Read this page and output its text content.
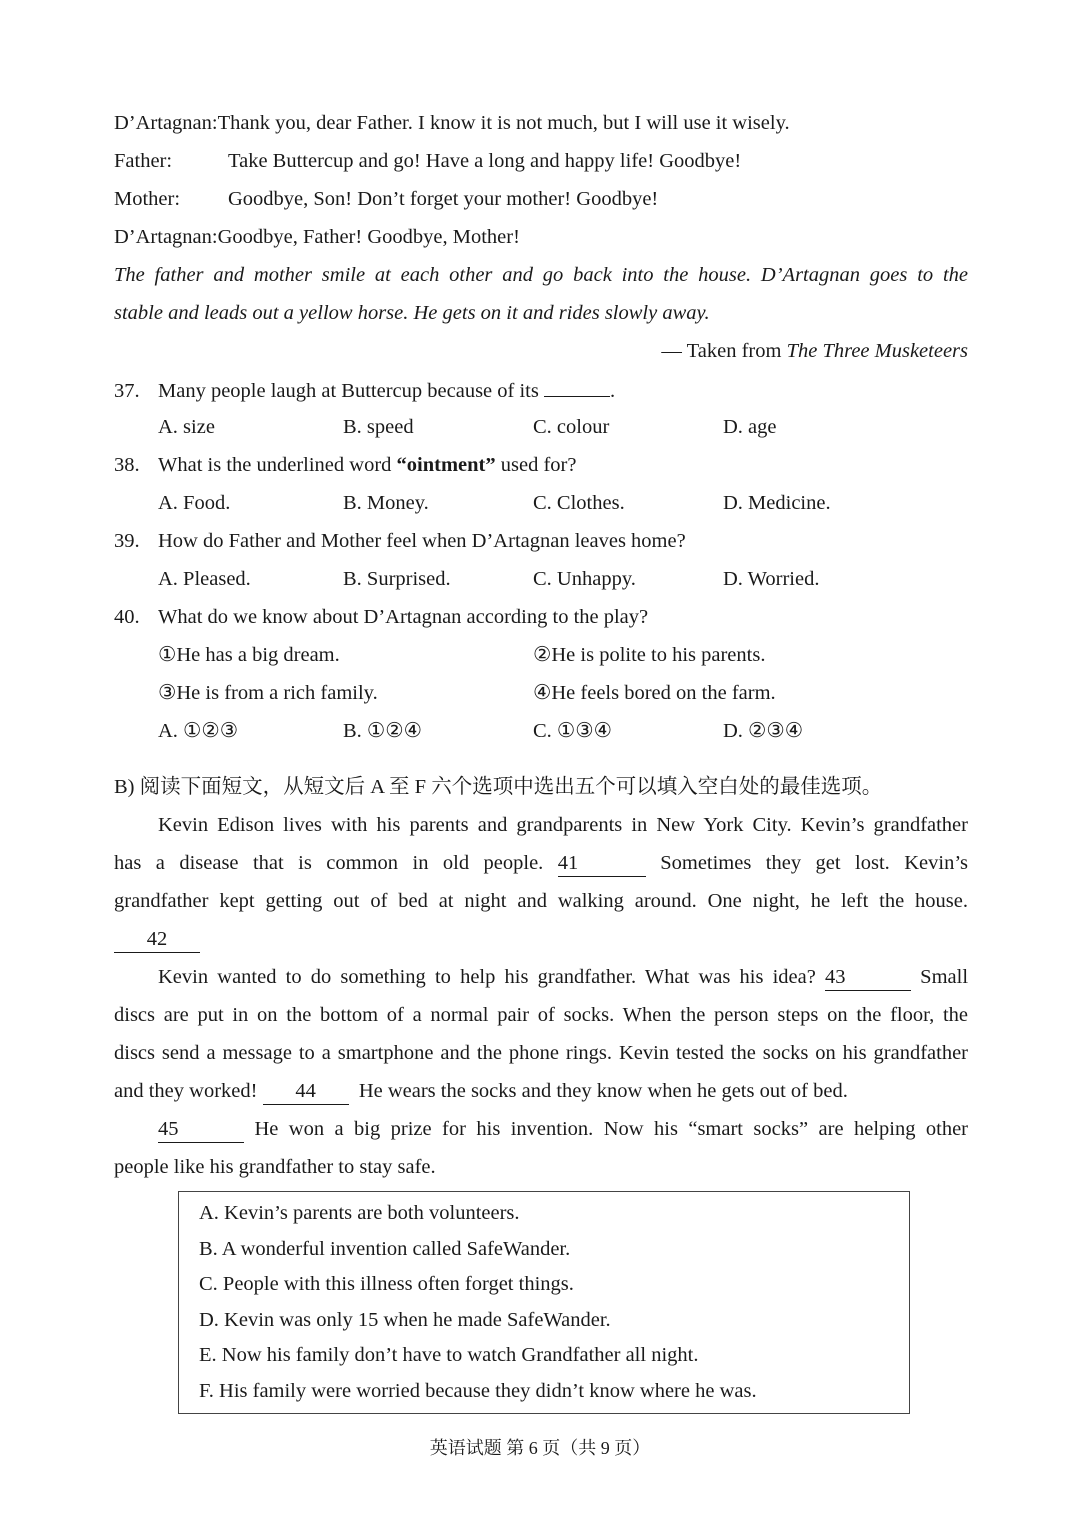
D’Artagnan:Thank you, dear Father. I know it is not much, but I will use it wisely.
Father:	Take Buttercup and go! Have a long and happy life! Goodbye!
Mother: Goodbye, Son! Don’t forget your mother! Goodbye!
D’Artagnan:Goodbye, Father! Goodbye, Mother!
The father and mother smile at each other and go back into the house. D’Artagnan goes to the
stable and leads out a yellow horse. He gets on it and rides slowly away.
— Taken from The Three Musketeers
37. Many people laugh at Buttercup because of its	.
A. size	B. speed	C. colour	D. age
38. What is the underlined word “ointment” used for?
A. Food.	B. Money.	C. Clothes.	D. Medicine.
39. How do Father and Mother feel when D’Artagnan leaves home?
A. Pleased.	B. Surprised.	C. Unhappy.	D. Worried.
40. What do we know about D’Artagnan according to the play?
①He has a big dream.	②He is polite to his parents.
③He is from a rich family.	④He feels bored on the farm.
A. ①②③	B. ①②④	C. ①③④	D. ②③④
B) 阅读下面短文，从短文后 A 至 F 六个选项中选出五个可以填入空白处的最佳选项。
Kevin Edison lives with his parents and grandparents in New York City. Kevin’s grandfather
has a disease that is common in old people. 41	Sometimes they get lost. Kevin’s
grandfather kept getting out of bed at night and walking around. One night, he left the house.
42
Kevin wanted to do something to help his grandfather. What was his idea? 43	Small
discs are put in on the bottom of a normal pair of socks. When the person steps on the floor, the
discs send a message to a smartphone and the phone rings. Kevin tested the socks on his grandfather
and they worked! 44 He wears the socks and they know when he gets out of bed.
45	He won a big prize for his invention. Now his “smart socks” are helping other
people like his grandfather to stay safe.
A. Kevin’s parents are both volunteers.
B. A wonderful invention called SafeWander.
C. People with this illness often forget things.
D. Kevin was only 15 when he made SafeWander.
E. Now his family don’t have to watch Grandfather all night.
F. His family were worried because they didn’t know where he was.
英语试题 第 6 页（共 9 页）
